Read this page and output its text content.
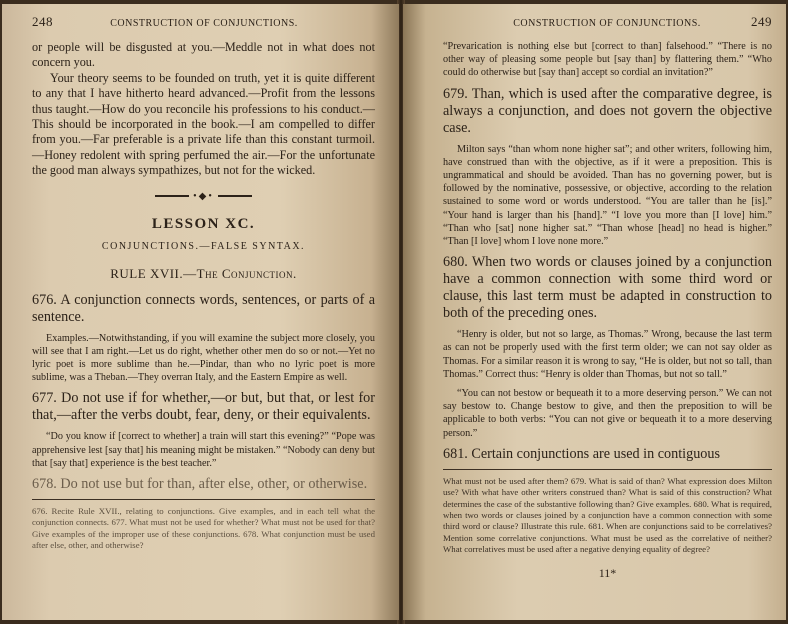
248	CONSTRUCTION OF CONJUNCTIONS.

or people will be disgusted at you.—Meddle not in what does not concern you.

Your theory seems to be founded on truth, yet it is quite different to any that I have hitherto heard advanced.—Profit from the lessons thus taught.—How do you reconcile his professions to his conduct.—This should be incorporated in the book.—I am compelled to differ from you.—Far preferable is a private life than this constant turmoil.—Honey redolent with spring perfumed the air.—For the unfortunate the good man always sympathizes, but not for the wicked.

•◆•
LESSON XC.
CONJUNCTIONS.—FALSE SYNTAX.
RULE XVII.—The Conjunction.

676. A conjunction connects words, sentences, or parts of a sentence.

Examples.—Notwithstanding, if you will examine the subject more closely, you will see that I am right.—Let us do right, whether other men do so or not.—Yet no lyric poet is more sublime than he.—Pindar, than who no lyric poet is more sublime, was a Theban.—They overran Italy, and the Eastern Empire as well.

677. Do not use if for whether,—or but, but that, or lest for that,—after the verbs doubt, fear, deny, or their equivalents.

“Do you know if [correct to whether] a train will start this evening?” “Pope was apprehensive lest [say that] his meaning might be mistaken.” “Nobody can deny but that [say that] experience is the best teacher.”

678. Do not use but for than, after else, other, or otherwise.

676. Recite Rule XVII., relating to conjunctions. Give examples, and in each tell what the conjunction connects. 677. What must not be used for whether? What must not be used for that? Give examples of the improper use of these conjunctions. 678. What conjunction must be used after else, other, and otherwise?

CONSTRUCTION OF CONJUNCTIONS.	249

“Prevarication is nothing else but [correct to than] falsehood.” “There is no other way of pleasing some people but [say than] by flattering them.” “Who could do otherwise but [say than] accept so cordial an invitation?”

679. Than, which is used after the comparative degree, is always a conjunction, and does not govern the objective case.

Milton says “than whom none higher sat”; and other writers, following him, have construed than with the objective, as if it were a preposition. This is ungrammatical and should be avoided. Than has no governing power, but is followed by the nominative, possessive, or objective, according to the relation sustained to some word or words understood. “You are taller than he [is].” “Your hand is larger than his [hand].” “I love you more than [I love] him.” “Than who [sat] none higher sat.” “Than whose [head] no head is higher.” “Than [I love] whom I love none more.”

680. When two words or clauses joined by a conjunction have a common connection with some third word or clause, this last term must be adapted in construction to both of the preceding ones.

“Henry is older, but not so large, as Thomas.” Wrong, because the last term as can not be properly used with the first term older; we can not say older as Thomas. For a similar reason it is wrong to say, “He is older, but not so tall, than Thomas.” Correct thus: “Henry is older than Thomas, but not so tall.”

“You can not bestow or bequeath it to a more deserving person.” We can not say bestow to. Change bestow to give, and then the preposition to will be applicable to both verbs: “You can not give or bequeath it to a more deserving person.”

681. Certain conjunctions are used in contiguous

What must not be used after them? 679. What is said of than? What expression does Milton use? With what have other writers construed than? What is said of this construction? What determines the case of the substantive following than? Give examples. 680. What is required, when two words or clauses joined by a conjunction have a common connection with some third word or clause? Illustrate this rule. 681. When are conjunctions said to be correlatives? Mention some correlative conjunctions. What must be used as the correlative of neither? What correlatives must be used after a negative denying equality of degree?

11*
